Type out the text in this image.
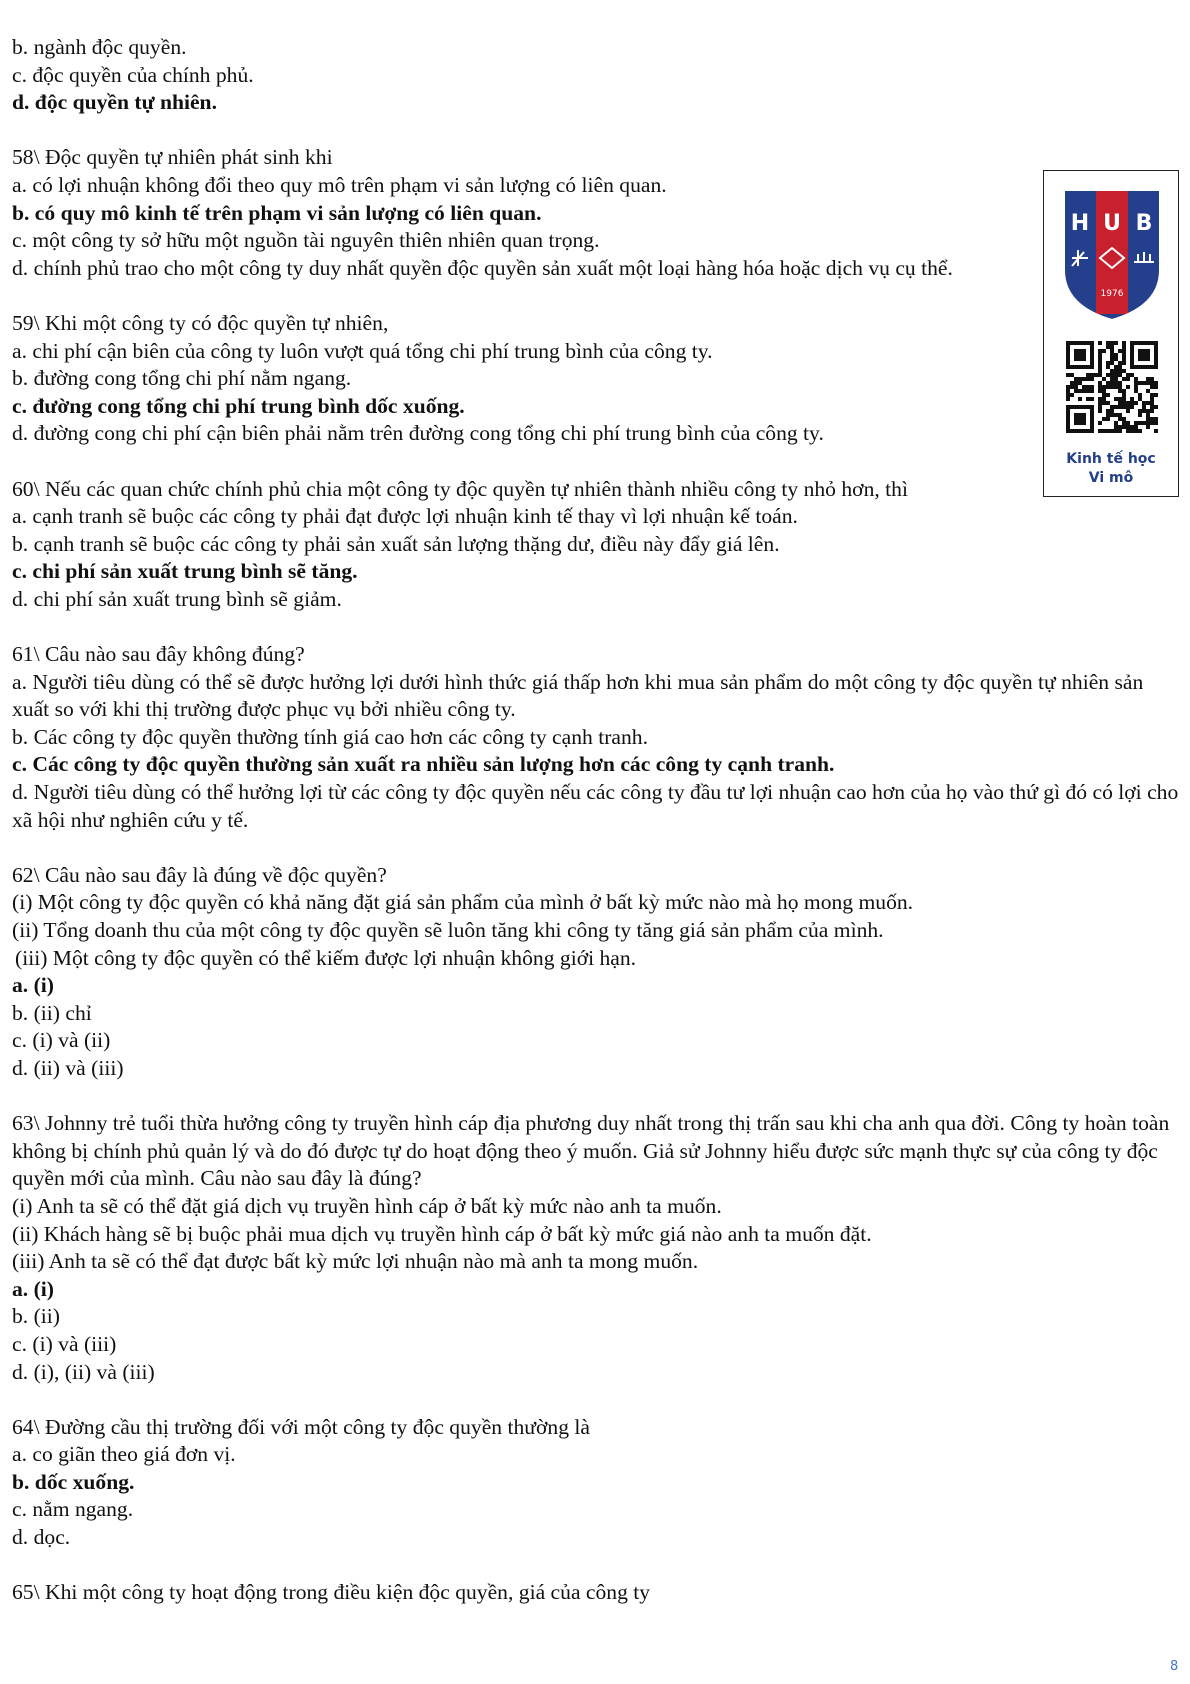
b. ngành độc quyền.
c. độc quyền của chính phủ.
d. độc quyền tự nhiên.
58\ Độc quyền tự nhiên phát sinh khi
a. có lợi nhuận không đổi theo quy mô trên phạm vi sản lượng có liên quan.
b. có quy mô kinh tế trên phạm vi sản lượng có liên quan.
c. một công ty sở hữu một nguồn tài nguyên thiên nhiên quan trọng.
d. chính phủ trao cho một công ty duy nhất quyền độc quyền sản xuất một loại hàng hóa hoặc dịch vụ cụ thể.
59\ Khi một công ty có độc quyền tự nhiên,
a. chi phí cận biên của công ty luôn vượt quá tổng chi phí trung bình của công ty.
b. đường cong tổng chi phí nằm ngang.
c. đường cong tổng chi phí trung bình dốc xuống.
d. đường cong chi phí cận biên phải nằm trên đường cong tổng chi phí trung bình của công ty.
60\ Nếu các quan chức chính phủ chia một công ty độc quyền tự nhiên thành nhiều công ty nhỏ hơn, thì
a. cạnh tranh sẽ buộc các công ty phải đạt được lợi nhuận kinh tế thay vì lợi nhuận kế toán.
b. cạnh tranh sẽ buộc các công ty phải sản xuất sản lượng thặng dư, điều này đẩy giá lên.
c. chi phí sản xuất trung bình sẽ tăng.
d. chi phí sản xuất trung bình sẽ giảm.
61\ Câu nào sau đây không đúng?
a. Người tiêu dùng có thể sẽ được hưởng lợi dưới hình thức giá thấp hơn khi mua sản phẩm do một công ty độc quyền tự nhiên sản xuất so với khi thị trường được phục vụ bởi nhiều công ty.
b. Các công ty độc quyền thường tính giá cao hơn các công ty cạnh tranh.
c. Các công ty độc quyền thường sản xuất ra nhiều sản lượng hơn các công ty cạnh tranh.
d. Người tiêu dùng có thể hưởng lợi từ các công ty độc quyền nếu các công ty đầu tư lợi nhuận cao hơn của họ vào thứ gì đó có lợi cho xã hội như nghiên cứu y tế.
62\ Câu nào sau đây là đúng về độc quyền?
(i) Một công ty độc quyền có khả năng đặt giá sản phẩm của mình ở bất kỳ mức nào mà họ mong muốn.
(ii) Tổng doanh thu của một công ty độc quyền sẽ luôn tăng khi công ty tăng giá sản phẩm của mình.
(iii) Một công ty độc quyền có thể kiếm được lợi nhuận không giới hạn.
a. (i)
b. (ii) chỉ
c. (i) và (ii)
d. (ii) và (iii)
63\ Johnny trẻ tuổi thừa hưởng công ty truyền hình cáp địa phương duy nhất trong thị trấn sau khi cha anh qua đời. Công ty hoàn toàn không bị chính phủ quản lý và do đó được tự do hoạt động theo ý muốn. Giả sử Johnny hiểu được sức mạnh thực sự của công ty độc quyền mới của mình. Câu nào sau đây là đúng?
(i) Anh ta sẽ có thể đặt giá dịch vụ truyền hình cáp ở bất kỳ mức nào anh ta muốn.
(ii) Khách hàng sẽ bị buộc phải mua dịch vụ truyền hình cáp ở bất kỳ mức giá nào anh ta muốn đặt.
(iii) Anh ta sẽ có thể đạt được bất kỳ mức lợi nhuận nào mà anh ta mong muốn.
a. (i)
b. (ii)
c. (i) và (iii)
d. (i), (ii) và (iii)
64\ Đường cầu thị trường đối với một công ty độc quyền thường là
a. co giãn theo giá đơn vị.
b. dốc xuống.
c. nằm ngang.
d. dọc.
65\ Khi một công ty hoạt động trong điều kiện độc quyền, giá của công ty
H U B
1976
Kinh tế học
Vi mô
8
